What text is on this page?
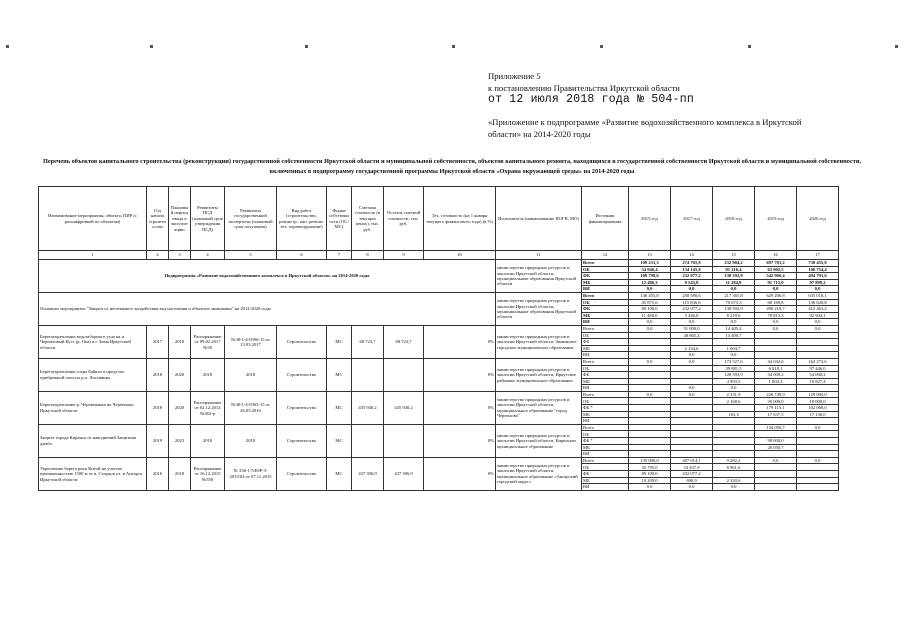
Приложение 5
к постановлению Правительства Иркутской области
от 12 июля 2018 года № 504-пп
«Приложение к подпрограмме «Развитие водохозяйственного комплекса в Иркутской области» на 2014-2020 годы
Перечень объектов капитального строительства (реконструкции) государственной собственности Иркутской области и муниципальной собственности, объектов капитального ремонта, находящихся в государственной собственности Иркутской области и муниципальной собственности, включенных в подпрограмму государственной программы Иркутской области «Охрана окружающей среды» на 2014-2020 годы
Наименование мероприятия, объекта, ПИР (с расшифровкой по объектам)	Год начала строительства	Плановый период ввода в эксплуатацию	Реквизиты ПСД (плановый срок утверждения ПСД)	Реквизиты государственной экспертизы (плановый срок получения)	Вид работ (строительство, реконстр., кап. ремонт, тех. перевооружение)	Форма собственности (ОС/МС)	Сметная стоимость (в текущих ценах), тыс. руб.	Остаток сметной стоимости, тыс. руб.	Тех. готовность (на 1 января текущего финансового года) (в %)	Исполнитель (наименование ИОГВ, МО)	Источник финансирования	2015 год	2017 год	2018 год	2019 год	2020 год
1	2	3	4	5	6	7	8	9	10	11	12	13	14	15	16	17
Подпрограмма «Развитие водохозяйственного комплекса в Иркутской области» на 2014-2020 годы										министерство природных ресурсов и экологии Иркутской области, муниципальные образования Иркутской области	Всего	109 231,3	274 765,8	232 904,2	697 781,2	738 455,8
											ОБ	54 946,4	134 145,8	81 216,4	63 902,5	106 754,4
											ФБ	108 798,6	232 077,2	138 592,9	542 966,4	494 791,6
											МБ	12 486,3	8 543,8	11 284,9	91 712,0	97 899,2
											ВИ	0,0	0,0	0,0	0,0	0,0
Основное мероприятие "Защита от негативного воздействия вод населения и объектов экономики" на 2014-2020 годы										министерство природных ресурсов и экологии Иркутской области, муниципальные образования Иркутской области	Всего	146 455,8	258 590,6	217 365,8	629 206,8	635 018,1
											ОБ	45 875,6	115 836,6	70 673,3	60 169,8	136 620,8
											ФБ	89 100,0	232 077,2	138 592,9	490 218,7	412 463,2
											МБ	11 480,0	5 446,8	8 219,6	78 813,3	92 904,1
											ВИ	0,0	0,0	0,0	0,0	0,0
Берегоукрепление водозаборного узла на п. Черемховый Куст (р. Ока) в г. Зима Иркутской области	2017	2018	Распоряжение от 09.02.2017 №50	№38-1-4-0396-15 от 13.03.2017	Строительство	МС	68 723,7	68 723,7	0%	министерство природных ресурсов и экологии Иркутской области, Зиминское городское муниципальное образование	Всего	0,0	51 000,0	14 405,4	0,0	0,0
											ОБ		48 865,4	13 400,7		
											ФБ					
											МБ		2 134,6	1 004,7		
											ВИ		0,0	0,0		
Берегоукрепление озера Байкал в пределах прибрежной полосы р.п. Листвянка	2018	2020	2018	2018	Строительство	МС			0%	министерство природных ресурсов и экологии Иркутской области, Иркутское районное муниципальное образование	Всего	0,0	0,0	173 527,6	44 042,6	162 273,6
											ОБ			39 881,5	6 018,1	97 446,0
											ФБ			128 593,9	34 009,2	54 000,2
											МБ			4 993,5	1 004,3	10 827,4
											ВИ		0,0	0,0		
Берегоукрепление р. Черемшанка на Черемхово Иркутской области	2018	2020	Распоряжение от 02.12.2014 №363-р	№38-1-4-0363-15 от 26.05.2016	Строительство	МС	435 940,2	435 940,2	0%	министерство природных ресурсов и экологии Иркутской области, муниципальное образование "город Черемхово"	Всего	0,0	0,0	2 331,9	226 749,9	129 000,0
											ОБ			2 168,6	30 000,0	10 000,0
											ФБ *				179 115,1	102 068,0
											МБ			163,3	17 637,5	17 130,0
											ВИ					
Защита города Киренск от наводнений Защитная дамба	2019	2023	2018	2018	Строительство	МС			0%	министерство природных ресурсов и экологии Иркутской области, Киренское муниципальное образование	Всего				134 050,7	0,0
											ОБ					
											ФБ *				98 000,0	
											МБ				26 050,7	
											ВИ					
Укрепление берега реки Китой на участке протяженностью 1500 м от в. Стерцов ул. в Ангарск Иркутской области	2016	2018	Распоряжение от 16.12.2015 №550	№ 336-1-5/ЮР-3-2015/04 от 07.11.2015	Строительство	МС	437 396,9	437 396,9	0%	министерство природных ресурсов и экологии Иркутской области, муниципальное образование «Ангарский городской округ»	Всего	135 000,0	207 014,1	9 282,2	0,0	0,0
											ОБ	35 795,0	54 437,9	6 961,6		
											ФБ	89 100,0	232 077,2			
											МБ	10 209,0	690,9	2 320,6		
											ВИ	0,0	0,0	0,0		
